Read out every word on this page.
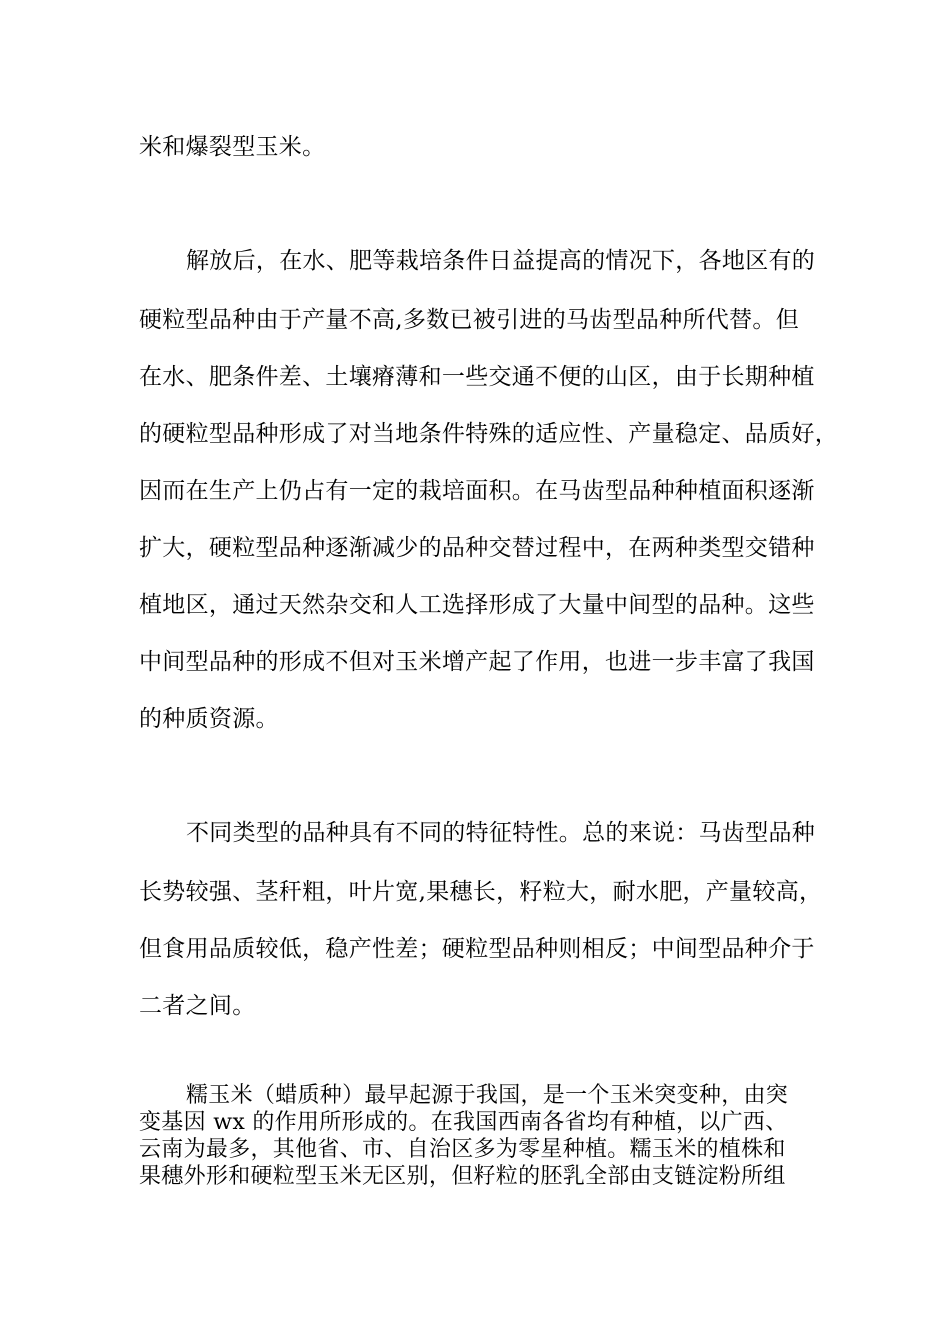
米和爆裂型玉米。
解放后，在水、肥等栽培条件日益提高的情况下，各地区有的
硬粒型品种由于产量不高,多数已被引进的马齿型品种所代替。但
在水、肥条件差、土壤瘠薄和一些交通不便的山区，由于长期种植
的硬粒型品种形成了对当地条件特殊的适应性、产量稳定、品质好，
因而在生产上仍占有一定的栽培面积。在马齿型品种种植面积逐渐
扩大，硬粒型品种逐渐减少的品种交替过程中，在两种类型交错种
植地区，通过天然杂交和人工选择形成了大量中间型的品种。这些
中间型品种的形成不但对玉米增产起了作用，也进一步丰富了我国
的种质资源。
不同类型的品种具有不同的特征特性。总的来说：马齿型品种
长势较强、茎秆粗，叶片宽,果穗长，籽粒大，耐水肥，产量较高，
但食用品质较低，稳产性差；硬粒型品种则相反；中间型品种介于
二者之间。
糯玉米（蜡质种）最早起源于我国，是一个玉米突变种，由突
变基因 wx 的作用所形成的。在我国西南各省均有种植，以广西、
云南为最多，其他省、市、自治区多为零星种植。糯玉米的植株和
果穗外形和硬粒型玉米无区别，但籽粒的胚乳全部由支链淀粉所组
